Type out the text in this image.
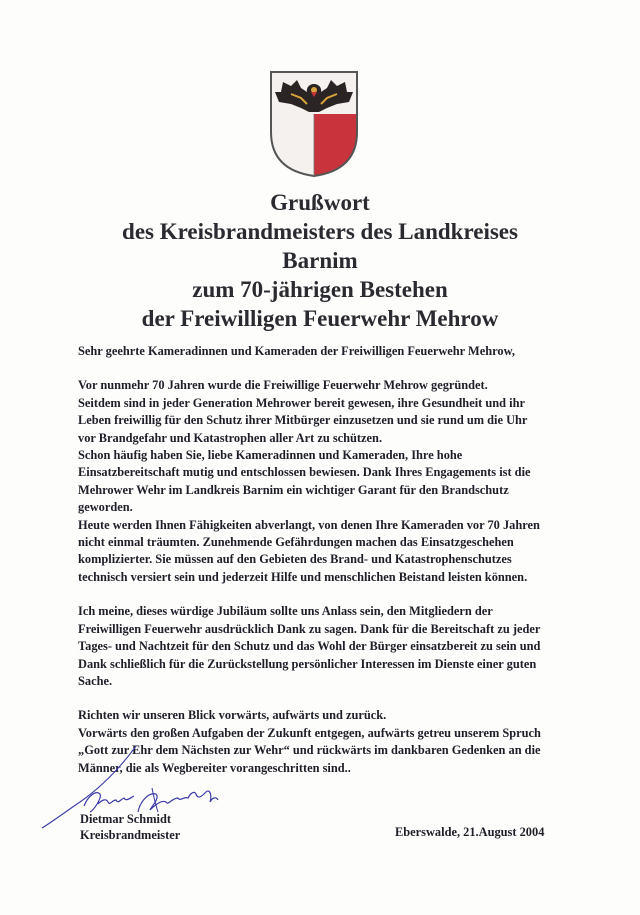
Grußwort
des Kreisbrandmeisters des Landkreises
Barnim
zum 70-jährigen Bestehen
der Freiwilligen Feuerwehr Mehrow

Sehr geehrte Kameradinnen und Kameraden der Freiwilligen Feuerwehr Mehrow,

Vor nunmehr 70 Jahren wurde die Freiwillige Feuerwehr Mehrow gegründet.

Seitdem sind in jeder Generation Mehrower bereit gewesen, ihre Gesundheit und ihr

Leben freiwillig für den Schutz ihrer Mitbürger einzusetzen und sie rund um die Uhr

vor Brandgefahr und Katastrophen aller Art zu schützen.

Schon häufig haben Sie, liebe Kameradinnen und Kameraden, Ihre hohe

Einsatzbereitschaft mutig und entschlossen bewiesen. Dank Ihres Engagements ist die

Mehrower Wehr im Landkreis Barnim ein wichtiger Garant für den Brandschutz

geworden.

Heute werden Ihnen Fähigkeiten abverlangt, von denen Ihre Kameraden vor 70 Jahren

nicht einmal träumten. Zunehmende Gefährdungen machen das Einsatzgeschehen

komplizierter. Sie müssen auf den Gebieten des Brand- und Katastrophenschutzes

technisch versiert sein und jederzeit Hilfe und menschlichen Beistand leisten können.

Ich meine, dieses würdige Jubiläum sollte uns Anlass sein, den Mitgliedern der

Freiwilligen Feuerwehr ausdrücklich Dank zu sagen. Dank für die Bereitschaft zu jeder

Tages- und Nachtzeit für den Schutz und das Wohl der Bürger einsatzbereit zu sein und

Dank schließlich für die Zurückstellung persönlicher Interessen im Dienste einer guten

Sache.

Richten wir unseren Blick vorwärts, aufwärts und zurück.

Vorwärts den großen Aufgaben der Zukunft entgegen, aufwärts getreu unserem Spruch

„Gott zur Ehr dem Nächsten zur Wehr“ und rückwärts im dankbaren Gedenken an die

Männer, die als Wegbereiter vorangeschritten sind..

Dietmar Schmidt
Kreisbrandmeister	Eberswalde, 21.August 2004
